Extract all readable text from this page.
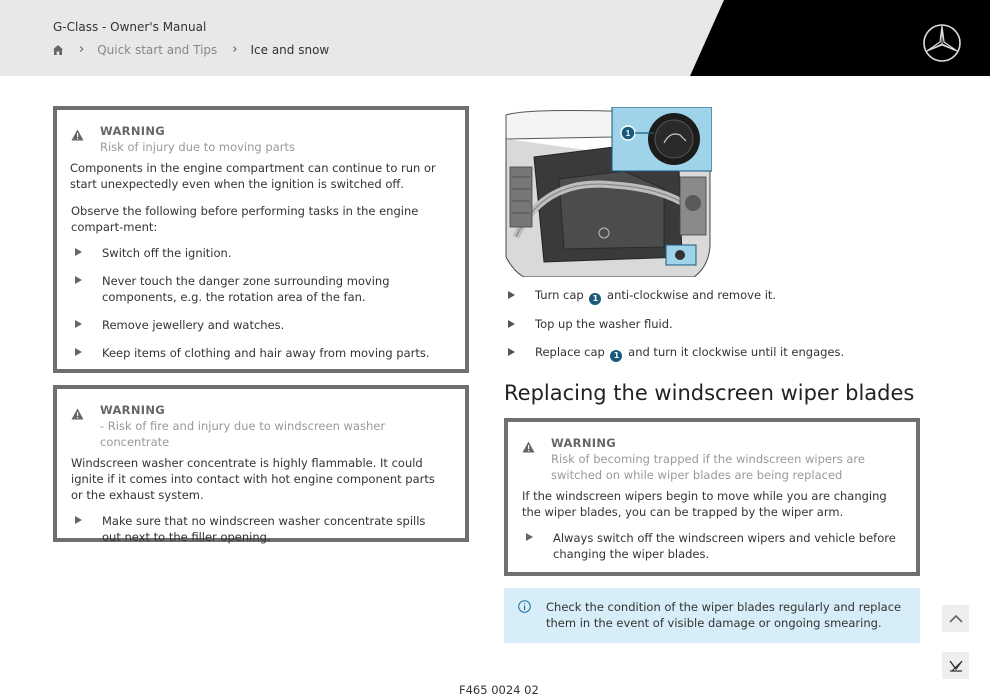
G-Class - Owner's Manual
› Quick start and Tips › Ice and snow
WARNING
Risk of injury due to moving parts

Components in the engine compartment can continue to run or start unexpectedly even when the ignition is switched off.

Observe the following before performing tasks in the engine compart-ment:

Switch off the ignition.
Never touch the danger zone surrounding moving components, e.g. the rotation area of the fan.
Remove jewellery and watches.
Keep items of clothing and hair away from moving parts.
WARNING
- Risk of fire and injury due to windscreen washer concentrate

Windscreen washer concentrate is highly flammable. It could ignite if it comes into contact with hot engine component parts or the exhaust system.

Make sure that no windscreen washer concentrate spills out next to the filler opening.
1
Turn cap 1 anti-clockwise and remove it.
Top up the washer fluid.
Replace cap 1 and turn it clockwise until it engages.
Replacing the windscreen wiper blades
WARNING
Risk of becoming trapped if the windscreen wipers are switched on while wiper blades are being replaced

If the windscreen wipers begin to move while you are changing the wiper blades, you can be trapped by the wiper arm.

Always switch off the windscreen wipers and vehicle before changing the wiper blades.

Check the condition of the wiper blades regularly and replace them in the event of visible damage or ongoing smearing.

F465 0024 02
